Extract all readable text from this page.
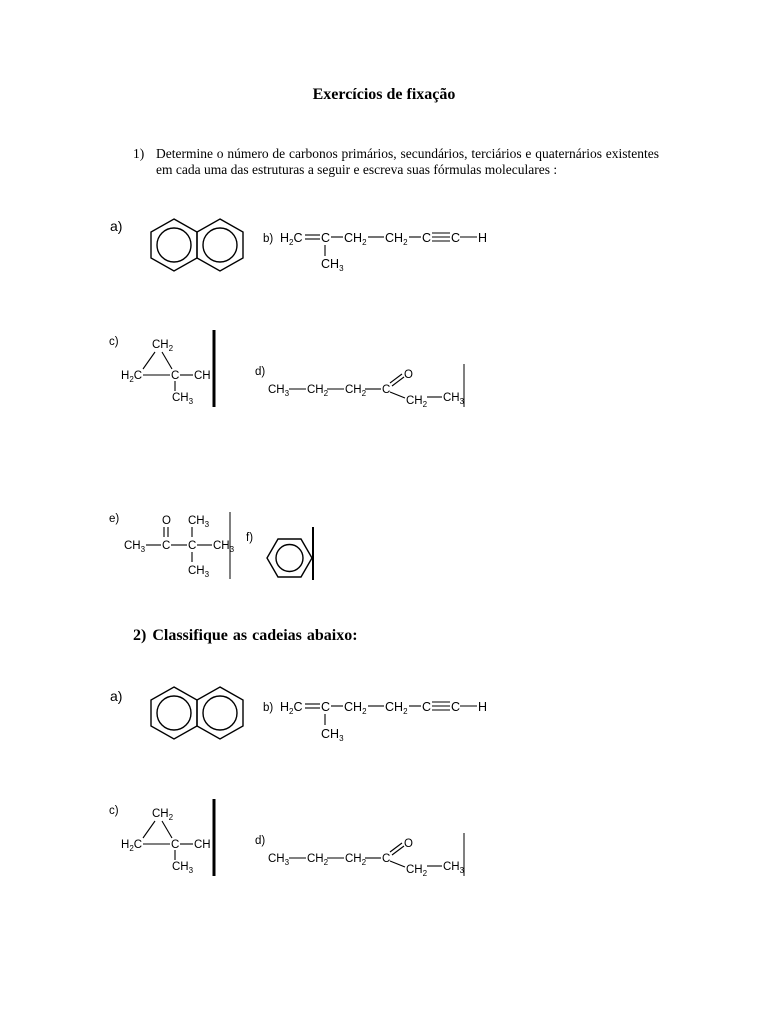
Exercícios de fixação
1) Determine o número de carbonos primários, secundários, terciários e quaternários existentes em cada uma das estruturas a seguir e escreva suas fórmulas moleculares :
2) Classifique as cadeias abaixo:
a)
b) $H_2C$ C $CH_2$ $CH_2$ C C H
$CH_3$
c)	$CH_2$
$H_2C$	C CH
$CH_3$
d)
$CH_3$ $CH_2$ $CH_2$ C
O
$CH_2$
$CH_3$
e)
$CH_3$ C
O
C
$CH_3$
$CH_3$
$CH_3$
f)
a)
b) $H_2C$ C $CH_2$ $CH_2$ C C H
$CH_3$
c)	$CH_2$
$H_2C$	C CH
$CH_3$
d)
$CH_3$ $CH_2$ $CH_2$ C
O
$CH_2$
$CH_3$
